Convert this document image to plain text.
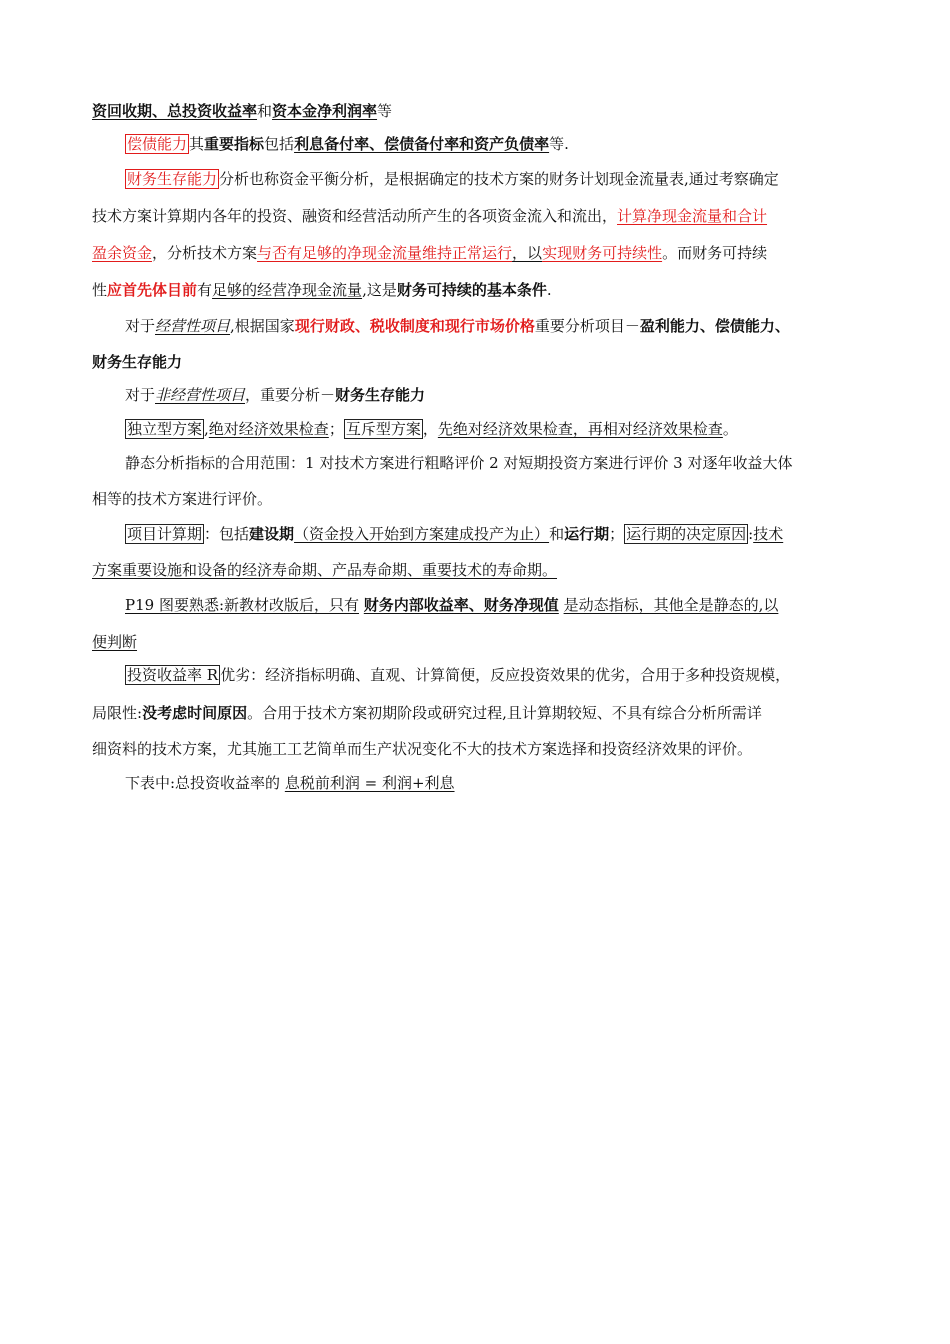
资回收期、总投资收益率和资本金净利润率等

偿债能力 其重要指标包括利息备付率、偿债备付率和资产负债率等.

财务生存能力 分析也称资金平衡分析，是根据确定的技术方案的财务计划现金流量表,通过考察确定

技术方案计算期内各年的投资、融资和经营活动所产生的各项资金流入和流出，计算净现金流量和合计

盈余资金，分析技术方案与否有足够的净现金流量维持正常运行，以实现财务可持续性。而财务可持续

性应首先体目前有足够的经营净现金流量,这是财务可持续的基本条件.

对于经营性项目,根据国家现行财政、税收制度和现行市场价格重要分析项目－盈利能力、偿债能力、

财务生存能力

对于非经营性项目，重要分析－财务生存能力

独立型方案 ,绝对经济效果检查； 互斥型方案 ，先绝对经济效果检查，再相对经济效果检查。

静态分析指标的合用范围：1 对技术方案进行粗略评价 2 对短期投资方案进行评价 3 对逐年收益大体

相等的技术方案进行评价。

项目计算期 ：包括建设期（资金投入开始到方案建成投产为止）和运行期； 运行期的决定原因 :技术

方案重要设施和设备的经济寿命期、产品寿命期、重要技术的寿命期。

P19 图要熟悉:新教材改版后，只有 财务内部收益率、财务净现值 是动态指标，其他全是静态的,以

便判断

投资收益率 R 优劣：经济指标明确、直观、计算简便，反应投资效果的优劣，合用于多种投资规模，

局限性:没考虑时间原因。合用于技术方案初期阶段或研究过程,且计算期较短、不具有综合分析所需详

细资料的技术方案，尤其施工工艺简单而生产状况变化不大的技术方案选择和投资经济效果的评价。

下表中:总投资收益率的 息税前利润 = 利润+利息
